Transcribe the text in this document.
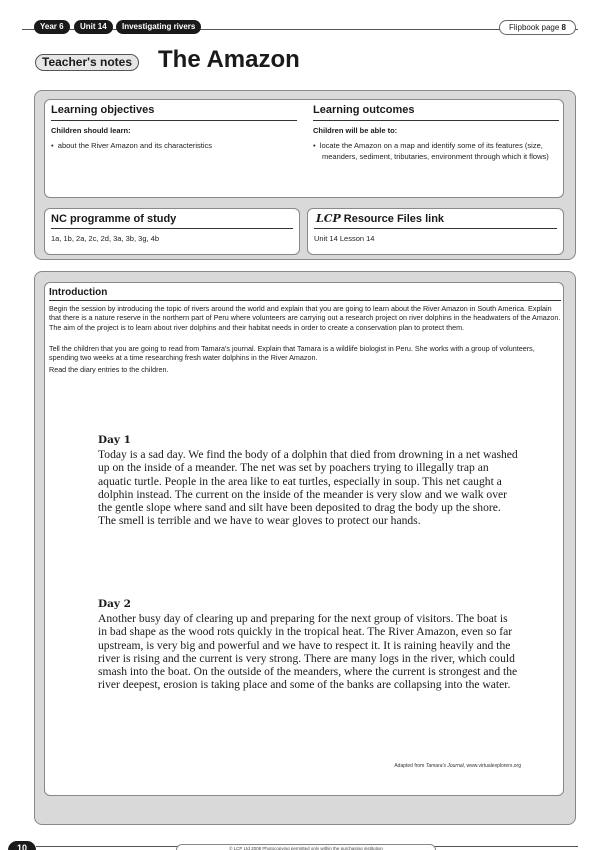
Year 6	Unit 14	Investigating rivers	Flipbook page 8
Teacher's notes The Amazon
Learning objectives
Children should learn:
•  about the River Amazon and its characteristics
Learning outcomes
Children will be able to:
•  locate the Amazon on a map and identify some of its features (size, meanders, sediment, tributaries, environment through which it flows)
NC programme of study
1a, 1b, 2a, 2c, 2d, 3a, 3b, 3g, 4b
LCP Resource Files link
Unit 14 Lesson 14
Introduction
Begin the session by introducing the topic of rivers around the world and explain that you are going to learn about the River Amazon in South America. Explain that there is a nature reserve in the northern part of Peru where volunteers are carrying out a research project on river dolphins in the headwaters of the Amazon. The aim of the project is to learn about river dolphins and their habitat needs in order to create a conservation plan to protect them.
Tell the children that you are going to read from Tamara's journal. Explain that Tamara is a wildlife biologist in Peru. She works with a group of volunteers, spending two weeks at a time researching fresh water dolphins in the River Amazon.
Read the diary entries to the children.
Day 1
Today is a sad day. We find the body of a dolphin that died from drowning in a net washed up on the inside of a meander. The net was set by poachers trying to illegally trap an aquatic turtle. People in the area like to eat turtles, especially in soup. This net caught a dolphin instead. The current on the inside of the meander is very slow and we walk over the gentle slope where sand and silt have been deposited to drag the body up the shore. The smell is terrible and we have to wear gloves to protect our hands.
Day 2
Another busy day of clearing up and preparing for the next group of visitors. The boat is in bad shape as the wood rots quickly in the tropical heat. The River Amazon, even so far upstream, is very big and powerful and we have to respect it. It is raining heavily and the river is rising and the current is very strong. There are many logs in the river, which could smash into the boat. On the outside of the meanders, where the current is strongest and the river deepest, erosion is taking place and some of the banks are collapsing into the water.
Adapted from Tamara's Journal, www.virtualexplorers.org
10	© LCP Ltd 2008 Photocopying permitted only within the purchasing institution
